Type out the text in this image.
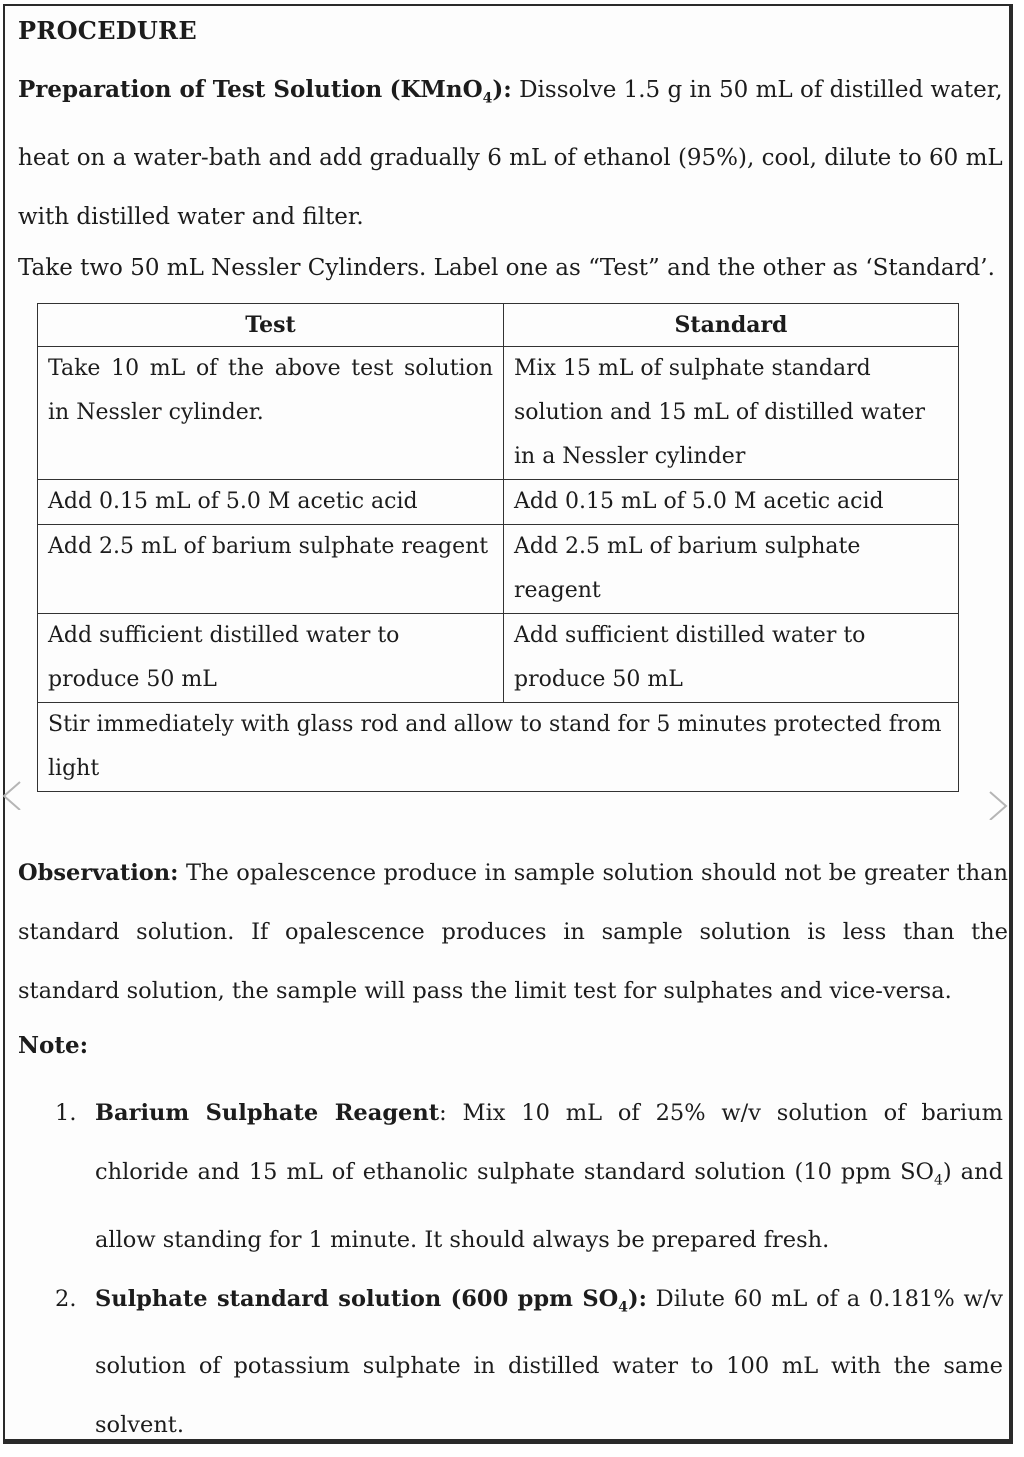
PROCEDURE

Preparation of Test Solution (KMnO$_4$): Dissolve 1.5 g in 50 mL of distilled water, heat on a water-bath and add gradually 6 mL of ethanol (95%), cool, dilute to 60 mL with distilled water and filter.

Take two 50 mL Nessler Cylinders. Label one as “Test” and the other as ‘Standard’.

Test	Standard
Take 10 mL of the above test solution in Nessler cylinder.	Mix 15 mL of sulphate standard solution and 15 mL of distilled water in a Nessler cylinder
Add 0.15 mL of 5.0 M acetic acid	Add 0.15 mL of 5.0 M acetic acid
Add 2.5 mL of barium sulphate reagent	Add 2.5 mL of barium sulphate reagent
Add sufficient distilled water to produce 50 mL	Add sufficient distilled water to produce 50 mL
Stir immediately with glass rod and allow to stand for 5 minutes protected from light	

Observation: The opalescence produce in sample solution should not be greater than standard solution. If opalescence produces in sample solution is less than the standard solution, the sample will pass the limit test for sulphates and vice-versa.

Note:
1. Barium Sulphate Reagent: Mix 10 mL of 25% w/v solution of barium chloride and 15 mL of ethanolic sulphate standard solution (10 ppm $SO_4$) and allow standing for 1 minute. It should always be prepared fresh.
2. Sulphate standard solution (600 ppm $SO_4$): Dilute 60 mL of a 0.181% w/v solution of potassium sulphate in distilled water to 100 mL with the same solvent.
